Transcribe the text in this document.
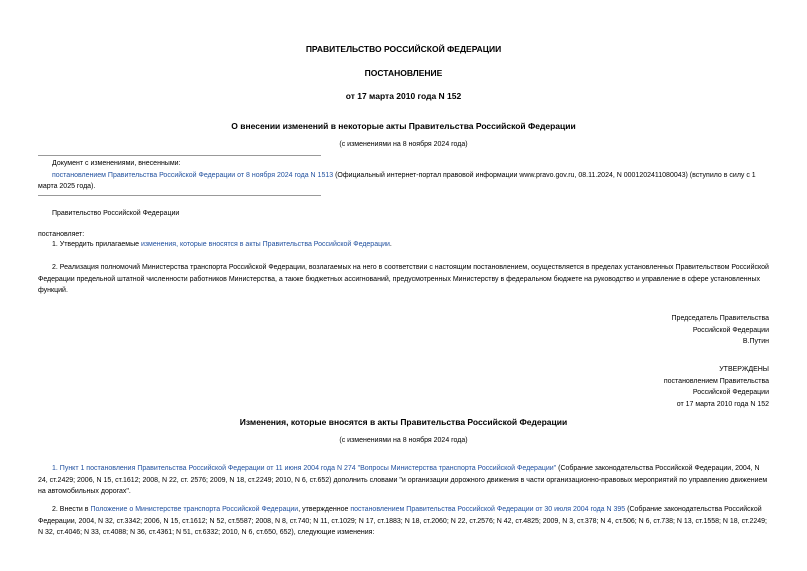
ПРАВИТЕЛЬСТВО РОССИЙСКОЙ ФЕДЕРАЦИИ
ПОСТАНОВЛЕНИЕ
от 17 марта 2010 года N 152
О внесении изменений в некоторые акты Правительства Российской Федерации
(с изменениями на 8 ноября 2024 года)
Документ с изменениями, внесенными:
постановлением Правительства Российской Федерации от 8 ноября 2024 года N 1513 (Официальный интернет-портал правовой информации www.pravo.gov.ru, 08.11.2024, N 0001202411080043) (вступило в силу с 1 марта 2025 года).
Правительство Российской Федерации
постановляет:
1. Утвердить прилагаемые изменения, которые вносятся в акты Правительства Российской Федерации.
2. Реализация полномочий Министерства транспорта Российской Федерации, возлагаемых на него в соответствии с настоящим постановлением, осуществляется в пределах установленных Правительством Российской Федерации предельной штатной численности работников Министерства, а также бюджетных ассигнований, предусмотренных Министерству в федеральном бюджете на руководство и управление в сфере установленных функций.
Председатель Правительства
Российской Федерации
В.Путин
УТВЕРЖДЕНЫ
постановлением Правительства
Российской Федерации
от 17 марта 2010 года N 152
Изменения, которые вносятся в акты Правительства Российской Федерации
(с изменениями на 8 ноября 2024 года)
1. Пункт 1 постановления Правительства Российской Федерации от 11 июня 2004 года N 274 "Вопросы Министерства транспорта Российской Федерации" (Собрание законодательства Российской Федерации, 2004, N 24, ст.2429; 2006, N 15, ст.1612; 2008, N 22, ст. 2576; 2009, N 18, ст.2249; 2010, N 6, ст.652) дополнить словами "и организации дорожного движения в части организационно-правовых мероприятий по управлению движением на автомобильных дорогах".
2. Внести в Положение о Министерстве транспорта Российской Федерации, утвержденное постановлением Правительства Российской Федерации от 30 июля 2004 года N 395 (Собрание законодательства Российской Федерации, 2004, N 32, ст.3342; 2006, N 15, ст.1612; N 52, ст.5587; 2008, N 8, ст.740; N 11, ст.1029; N 17, ст.1883; N 18, ст.2060; N 22, ст.2576; N 42, ст.4825; 2009, N 3, ст.378; N 4, ст.506; N 6, ст.738; N 13, ст.1558; N 18, ст.2249; N 32, ст.4046; N 33, ст.4088; N 36, ст.4361; N 51, ст.6332; 2010, N 6, ст.650, 652), следующие изменения:
